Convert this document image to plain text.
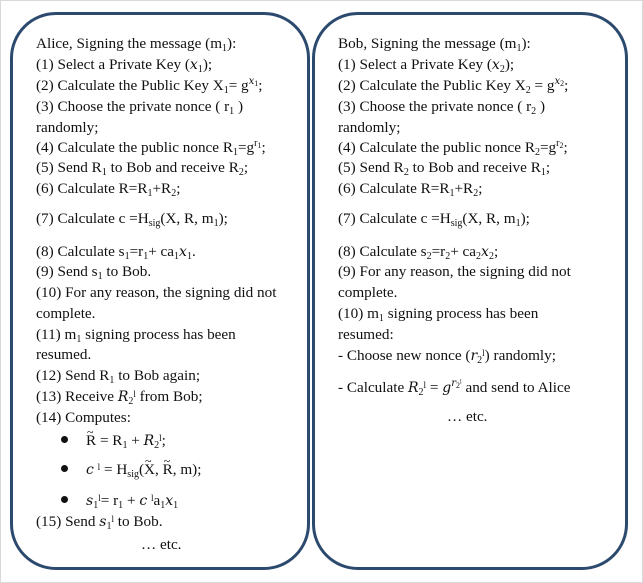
Alice, Signing the message $(m_1)$:
(1) Select a Private Key $(x_1)$;
(2) Calculate the Public Key $X_1= g^{x_1}$;
(3) Choose the private nonce ( $r_1$ )
randomly;
(4) Calculate the public nonce $R_1=g^{r_1}$;
(5) Send $R_1$ to Bob and receive $R_2$;
(6) Calculate $R=R_1+R_2$;
(7) Calculate $c =H_{sig}(X$, R, $m_1$);
(8) Calculate $s_1=r_1+ ca_1x_1$.
(9) Send $s_1$ to Bob.
(10) For any reason, the signing did not
complete.
(11) $m_1$ signing process has been
resumed.
(12) Send $R_1$ to Bob again;
(13) Receive $R_2ˡ$ from Bob;
(14) Computes:
~ $R = R_1$ + $R_2ˡ$;
c ˡ = $H_{sig}(\sim$ X, ~ R, m);
$s_1ˡ= r_1 + c$ $ˡa_1x_1$
(15) Send $s_1ˡ$ to Bob.
… etc.
Bob, Signing the message $(m_1)$:
(1) Select a Private Key $(x_2)$;
(2) Calculate the Public Key $X_2 = g^{x_2}$;
(3) Choose the private nonce ( $r_2$ )
randomly;
(4) Calculate the public nonce $R_2=g^{r_2}$;
(5) Send $R_2$ to Bob and receive $R_1$;
(6) Calculate $R=R_1+R_2$;
(7) Calculate $c =H_{sig}(X$, R, $m_1$);
(8) Calculate $s_2=r_2+ ca_2x_2$;
(9) For any reason, the signing did not
complete.
(10) $m_1$ signing process has been
resumed:
- Choose new nonce $(r_2ˡ)$ randomly;
- Calculate $R_2ˡ = g^{r_2ˡ}$ and send to Alice
… etc.
